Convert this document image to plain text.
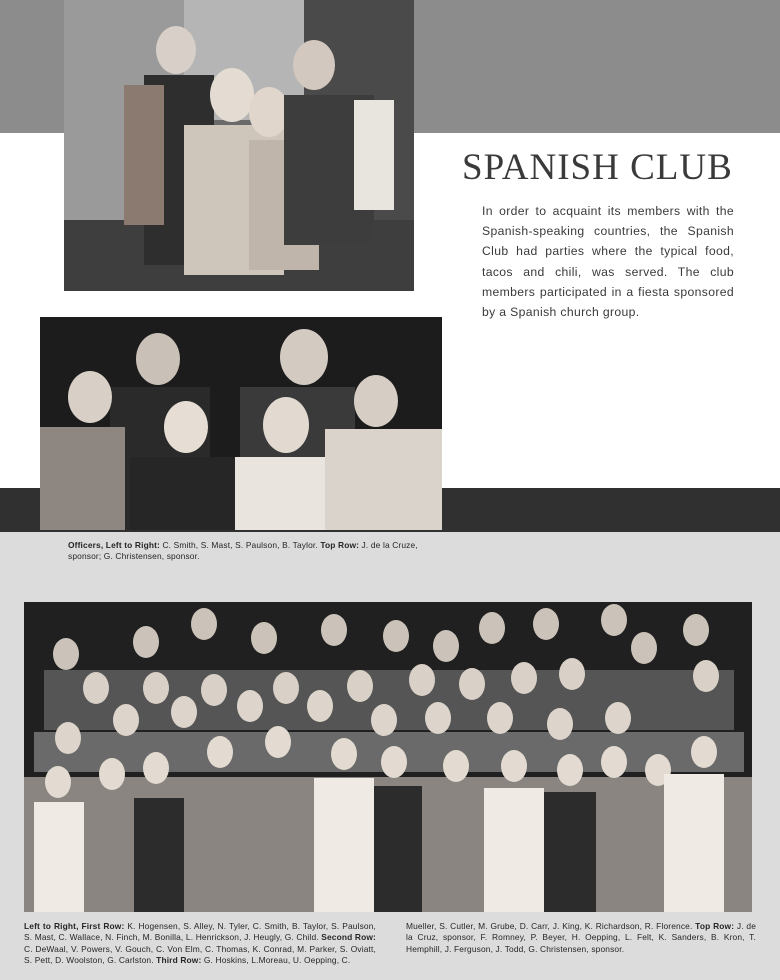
SPANISH CLUB
In order to acquaint its members with the Spanish-speaking countries, the Spanish Club had parties where the typical food, tacos and chili, was served. The club members participated in a fiesta sponsored by a Spanish church group.
Officers, Left to Right: C. Smith, S. Mast, S. Paulson, B. Taylor. Top Row: J. de la Cruze, sponsor; G. Christensen, sponsor.
Left to Right, First Row: K. Hogensen, S. Alley, N. Tyler, C. Smith, B. Taylor, S. Paulson, S. Mast, C. Wallace, N. Finch, M. Bonilla, L. Henrickson, J. Heugly, G. Child. Second Row: C. DeWaal, V. Powers, V. Gouch, C. Von Elm, C. Thomas, K. Conrad, M. Parker, S. Oviatt, S. Pett, D. Woolston, G. Carlston. Third Row: G. Hoskins, L.Moreau, U. Oepping, C.
Mueller, S. Cutler, M. Grube, D. Carr, J. King, K. Richardson, R. Florence. Top Row: J. de la Cruz, sponsor, F. Romney, P. Beyer, H. Oepping, L. Felt, K. Sanders, B. Kron, T. Hemphill, J. Ferguson, J. Todd, G. Christensen, sponsor.
